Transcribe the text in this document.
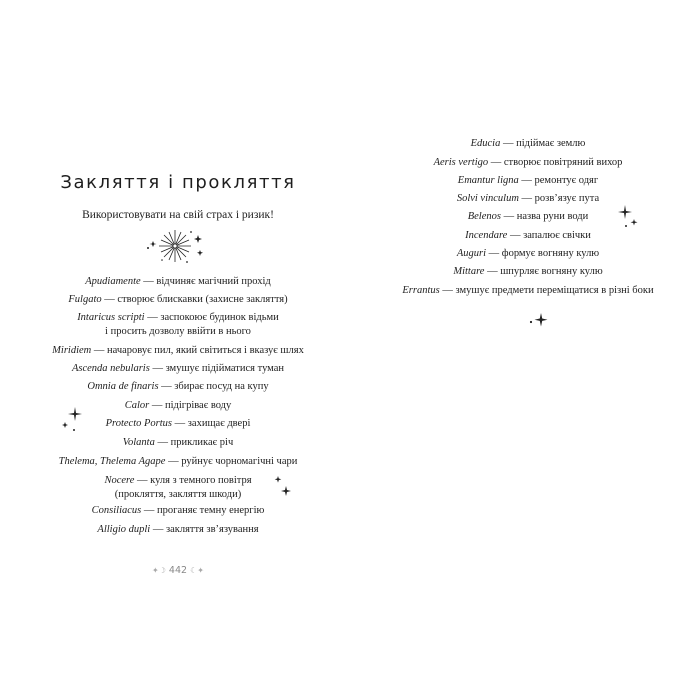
Закляття і прокляття
Використовувати на свій страх і ризик!
Apudiamente — відчиняє магічний прохід
Fulgato — створює блискавки (захисне закляття)
Intaricus scripti — заспокоює будинок відьми
і просить дозволу ввійти в нього
Miridiem — начаровує пил, який світиться і вказує шлях
Ascenda nebularis — змушує підійматися туман
Omnia de finaris — збирає посуд на купу
Calor — підігріває воду
Protecto Portus — захищає двері
Volanta — прикликає річ
Thelema, Thelema Agape — руйнує чорномагічні чари
Nocere — куля з темного повітря
(прокляття, закляття шкоди)
Consiliacus — проганяє темну енергію
Alligio dupli — закляття зв’язування
Educia — підіймає землю
Aeris vertigo — створює повітряний вихор
Emantur ligna — ремонтує одяг
Solvi vinculum — розв’язує пута
Belenos — назва руни води
Incendare — запалює свічки
Auguri — формує вогняну кулю
Mittare — шпурляє вогняну кулю
Errantus — змушує предмети переміщатися в різні боки
✦☽ 442 ☾✦
